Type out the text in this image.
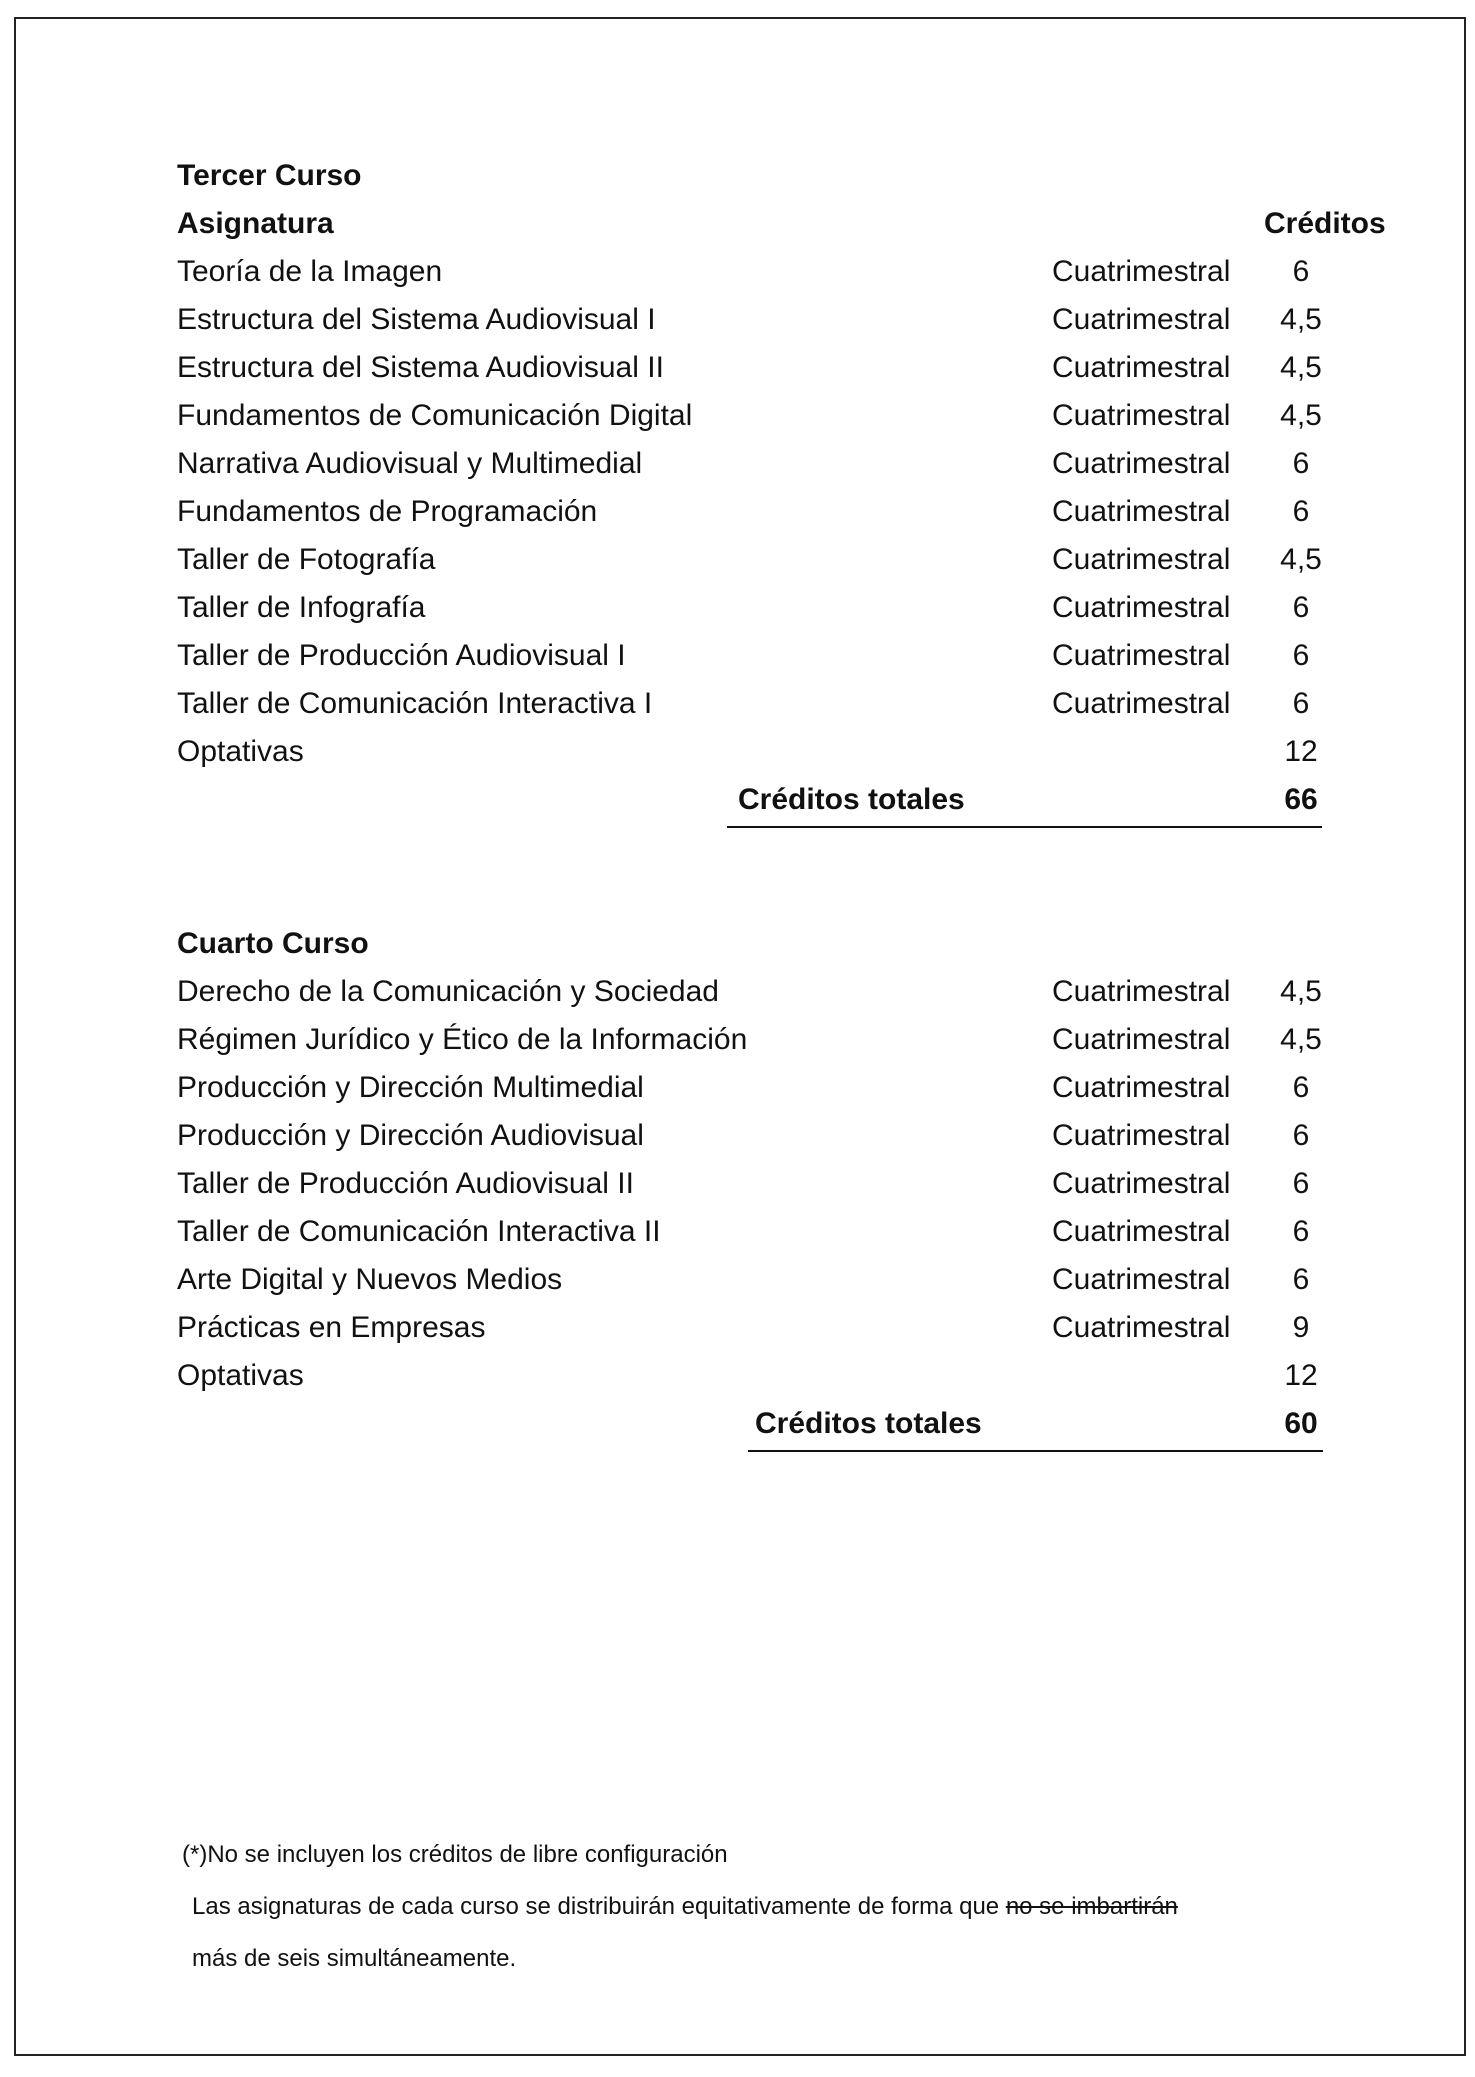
Tercer Curso
Asignatura	Créditos
Teoría de la Imagen	Cuatrimestral	6
Estructura del Sistema Audiovisual I	Cuatrimestral	4,5
Estructura del Sistema Audiovisual II	Cuatrimestral	4,5
Fundamentos de Comunicación Digital	Cuatrimestral	4,5
Narrativa Audiovisual y Multimedial	Cuatrimestral	6
Fundamentos de Programación	Cuatrimestral	6
Taller de Fotografía	Cuatrimestral	4,5
Taller de Infografía	Cuatrimestral	6
Taller de Producción Audiovisual I	Cuatrimestral	6
Taller de Comunicación Interactiva I	Cuatrimestral	6
Optativas	12
Créditos totales	66
Cuarto Curso
Derecho de la Comunicación y Sociedad	Cuatrimestral	4,5
Régimen Jurídico y Ético de la Información	Cuatrimestral	4,5
Producción y Dirección Multimedial	Cuatrimestral	6
Producción y Dirección Audiovisual	Cuatrimestral	6
Taller de Producción Audiovisual II	Cuatrimestral	6
Taller de Comunicación Interactiva II	Cuatrimestral	6
Arte Digital y Nuevos Medios	Cuatrimestral	6
Prácticas en Empresas	Cuatrimestral	9
Optativas	12
Créditos totales	60
(*)No se incluyen los créditos de libre configuración
Las asignaturas de cada curso se distribuirán equitativamente de forma que no se imbartirán
más de seis simultáneamente.
